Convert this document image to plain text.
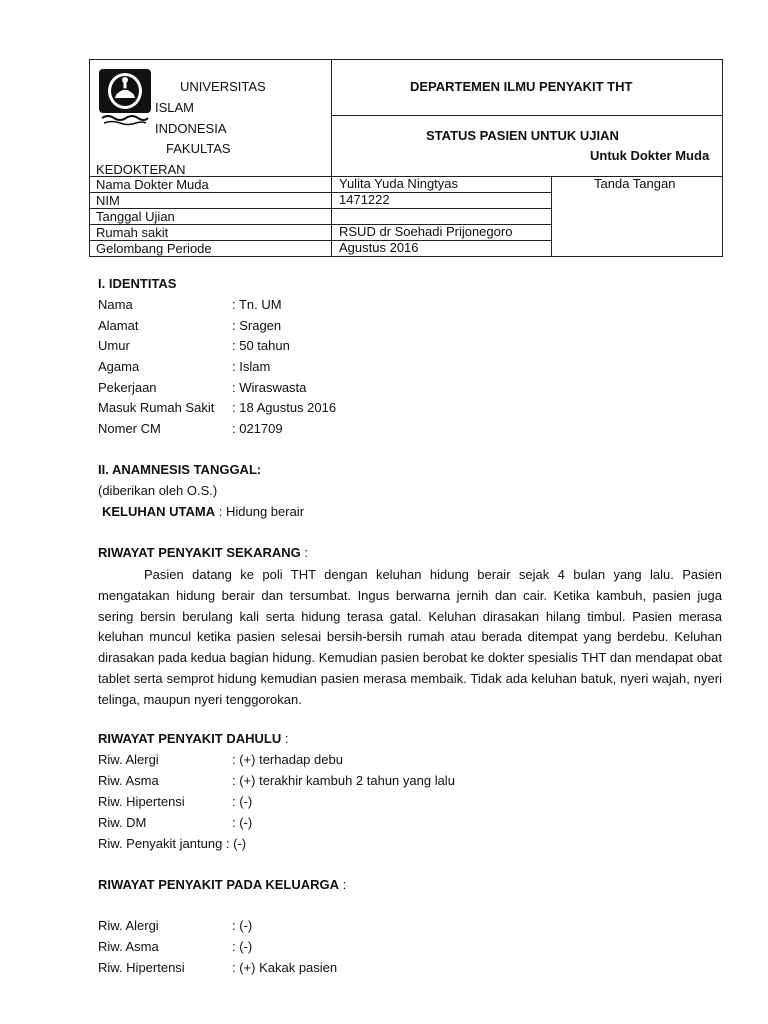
UNIVERSITAS
ISLAM
INDONESIA
FAKULTAS
KEDOKTERAN
DEPARTEMEN ILMU PENYAKIT THT
STATUS PASIEN UNTUK UJIAN
Untuk Dokter Muda
Tanda Tangan
Nama Dokter Muda	Yulita Yuda Ningtyas
NIM	1471222
Tanggal Ujian
Rumah sakit	RSUD dr Soehadi Prijonegoro
Gelombang Periode	Agustus 2016
I. IDENTITAS
Nama	: Tn. UM
Alamat	: Sragen
Umur	: 50 tahun
Agama	: Islam
Pekerjaan	: Wiraswasta
Masuk Rumah Sakit : 18 Agustus 2016
Nomer CM	: 021709
II. ANAMNESIS TANGGAL:
(diberikan oleh O.S.)
KELUHAN UTAMA : Hidung berair
RIWAYAT PENYAKIT SEKARANG :

Pasien datang ke poli THT dengan keluhan hidung berair sejak 4 bulan yang lalu. Pasien mengatakan hidung berair dan tersumbat. Ingus berwarna jernih dan cair. Ketika kambuh, pasien juga sering bersin berulang kali serta hidung terasa gatal. Keluhan dirasakan hilang timbul. Pasien merasa keluhan muncul ketika pasien selesai bersih-bersih rumah atau berada ditempat yang berdebu. Keluhan dirasakan pada kedua bagian hidung. Kemudian pasien berobat ke dokter spesialis THT dan mendapat obat tablet serta semprot hidung kemudian pasien merasa membaik. Tidak ada keluhan batuk, nyeri wajah, nyeri telinga, maupun nyeri tenggorokan.

RIWAYAT PENYAKIT DAHULU :
Riw. Alergi	: (+) terhadap debu
Riw. Asma	: (+) terakhir kambuh 2 tahun yang lalu
Riw. Hipertensi	: (-)
Riw. DM	: (-)
Riw. Penyakit jantung : (-)
RIWAYAT PENYAKIT PADA KELUARGA :
Riw. Alergi	: (-)
Riw. Asma	: (-)
Riw. Hipertensi	: (+) Kakak pasien
